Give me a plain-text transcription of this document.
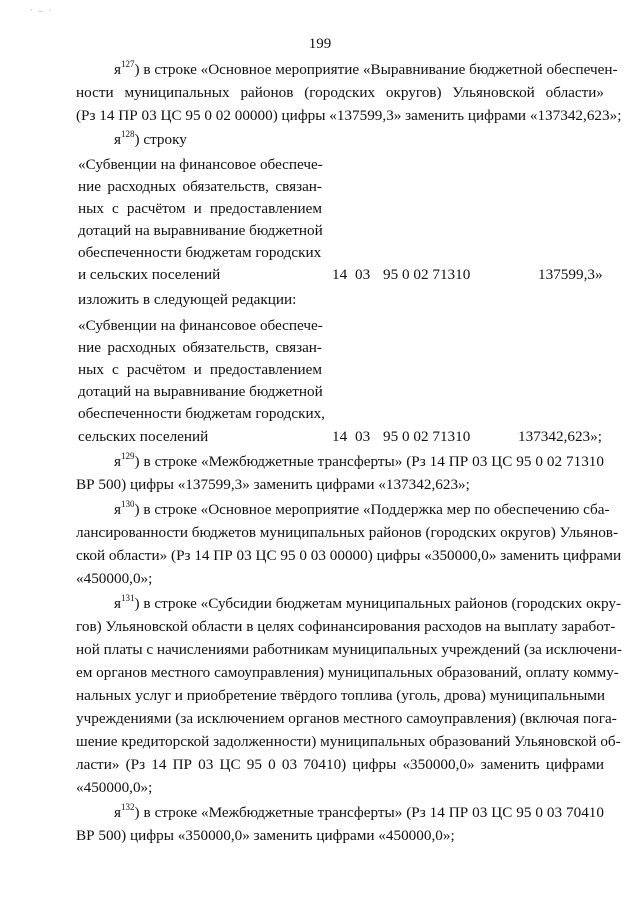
· – ·
199
$я^{127}$) в строке «Основное мероприятие «Выравнивание бюджетной обеспечен-
ности муниципальных районов (городских округов) Ульяновской области»
(Рз 14 ПР 03 ЦС 95 0 02 00000) цифры «137599,3» заменить цифрами «137342,623»;
$я^{128}$) строку
«Субвенции на финансовое обеспече-
ние расходных обязательств, связан-
ных с расчётом и предоставлением
дотаций на выравнивание бюджетной
обеспеченности бюджетам городских
и сельских поселений	14 03 95 0 02 71310	137599,3»
изложить в следующей редакции:
«Субвенции на финансовое обеспече-
ние расходных обязательств, связан-
ных с расчётом и предоставлением
дотаций на выравнивание бюджетной
обеспеченности бюджетам городских,
сельских поселений	14 03 95 0 02 71310	137342,623»;
$я^{129}$) в строке «Межбюджетные трансферты» (Рз 14 ПР 03 ЦС 95 0 02 71310
ВР 500) цифры «137599,3» заменить цифрами «137342,623»;
$я^{130}$) в строке «Основное мероприятие «Поддержка мер по обеспечению сба-
лансированности бюджетов муниципальных районов (городских округов) Ульянов-
ской области» (Рз 14 ПР 03 ЦС 95 0 03 00000) цифры «350000,0» заменить цифрами
«450000,0»;
$я^{131}$) в строке «Субсидии бюджетам муниципальных районов (городских окру-
гов) Ульяновской области в целях софинансирования расходов на выплату заработ-
ной платы с начислениями работникам муниципальных учреждений (за исключени-
ем органов местного самоуправления) муниципальных образований, оплату комму-
нальных услуг и приобретение твёрдого топлива (уголь, дрова) муниципальными
учреждениями (за исключением органов местного самоуправления) (включая пога-
шение кредиторской задолженности) муниципальных образований Ульяновской об-
ласти» (Рз 14 ПР 03 ЦС 95 0 03 70410) цифры «350000,0» заменить цифрами
«450000,0»;
$я^{132}$) в строке «Межбюджетные трансферты» (Рз 14 ПР 03 ЦС 95 0 03 70410
ВР 500) цифры «350000,0» заменить цифрами «450000,0»;
